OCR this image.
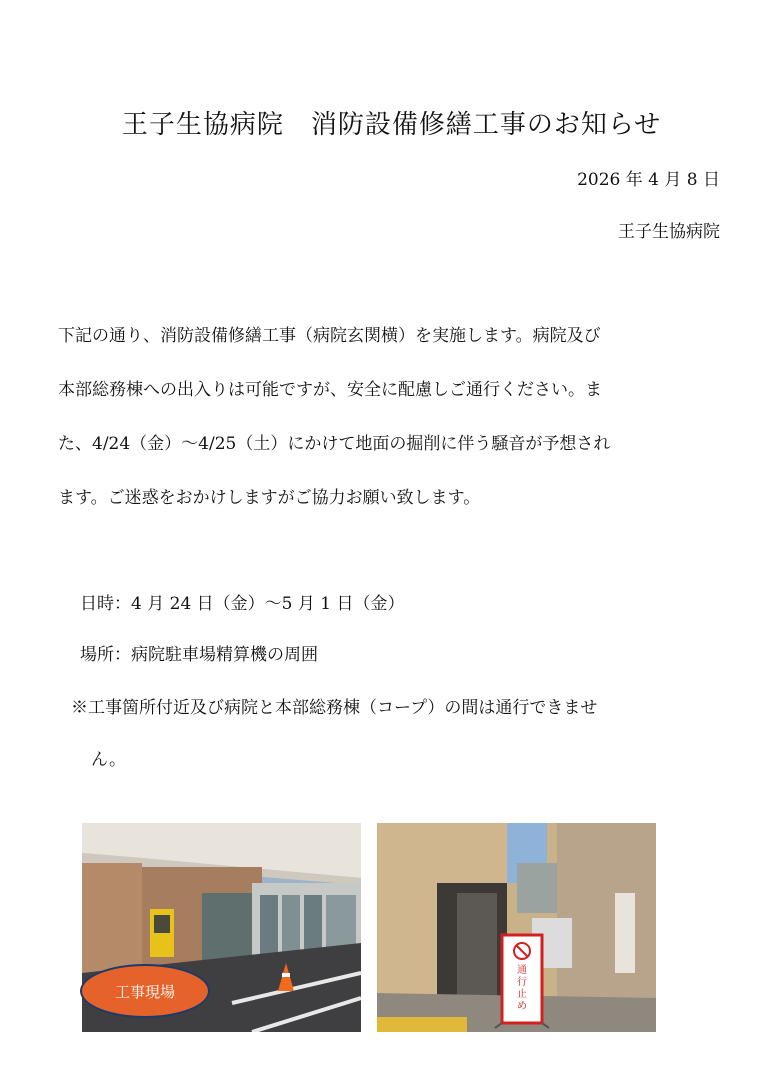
王子生協病院　消防設備修繕工事のお知らせ
2026 年 4 月 8 日
王子生協病院
下記の通り、消防設備修繕工事（病院玄関横）を実施します。病院及び
本部総務棟への出入りは可能ですが、安全に配慮しご通行ください。ま
た、4/24（金）～4/25（土）にかけて地面の掘削に伴う騒音が予想され
ます。ご迷惑をおかけしますがご協力お願い致します。
日時：4 月 24 日（金）～5 月 1 日（金）
場所：病院駐車場精算機の周囲
※工事箇所付近及び病院と本部総務棟（コープ）の間は通行できませ
ん。
工事現場
通
行
止
め
